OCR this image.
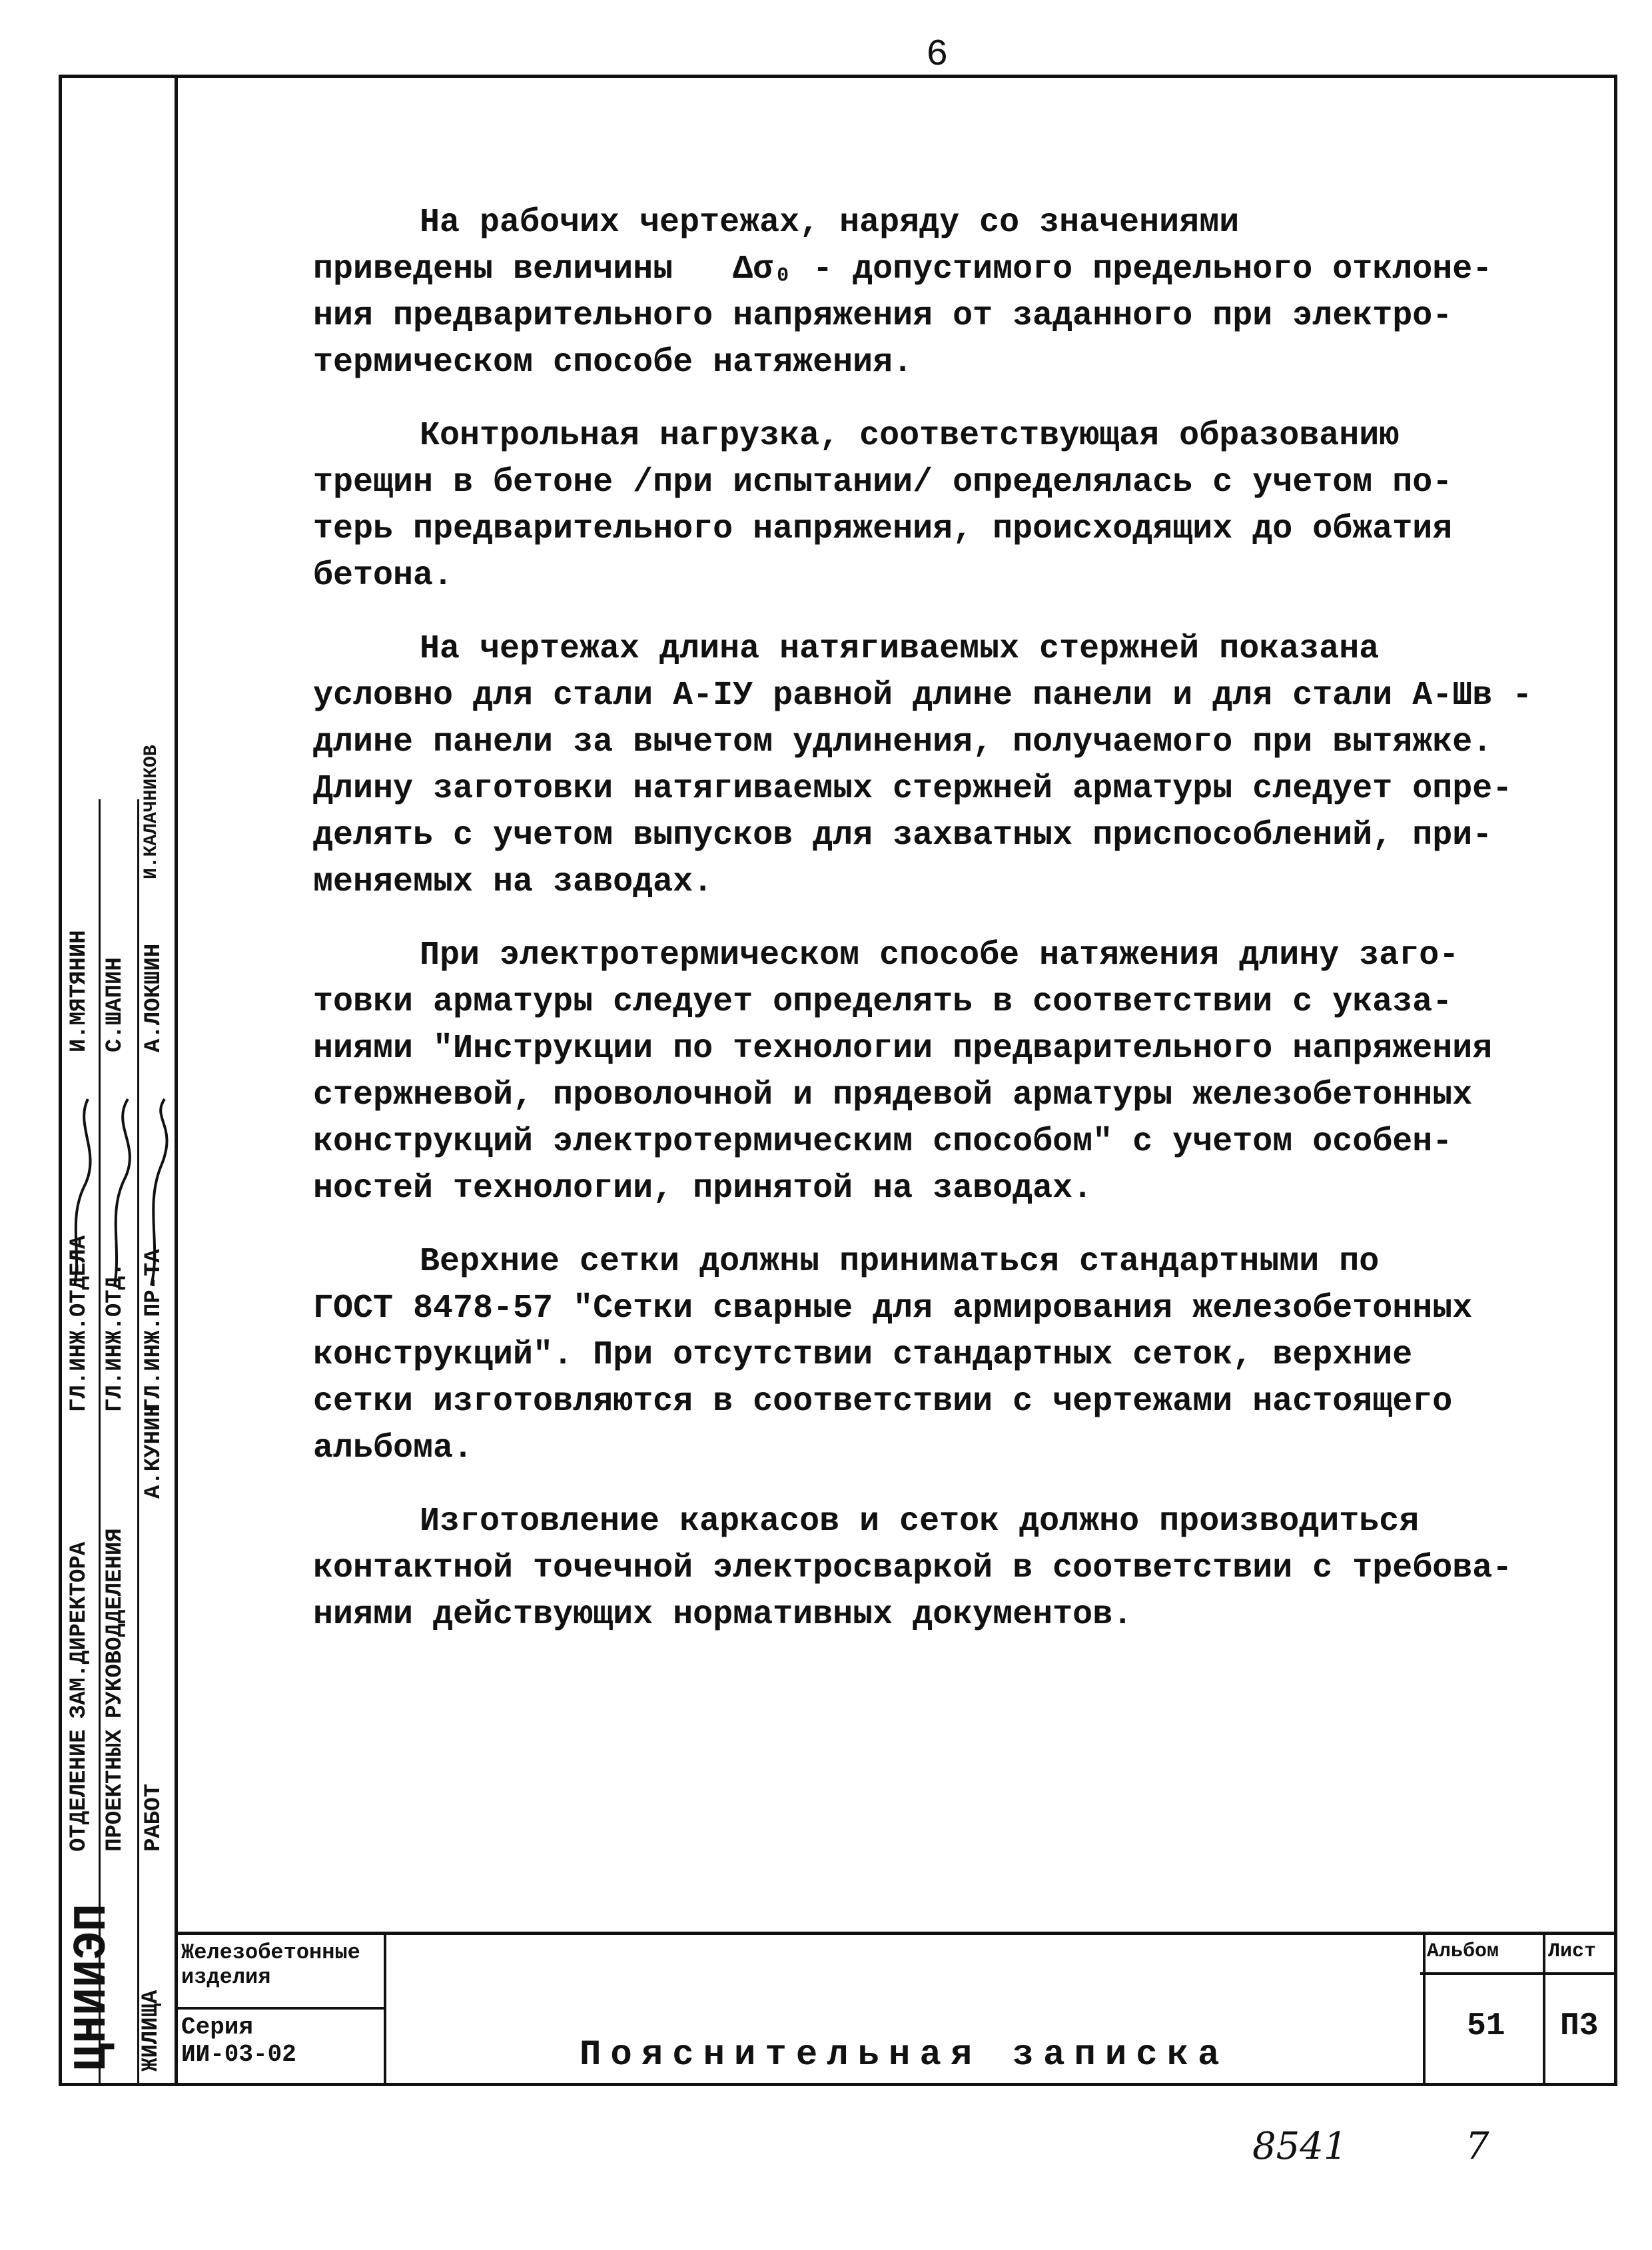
6

На рабочих чертежах, наряду со значениями
приведены величины   Δσ₀ - допустимого предельного отклоне-
ния предварительного напряжения от заданного при электро-
термическом способе натяжения.

Контрольная нагрузка, соответствующая образованию
трещин в бетоне /при испытании/ определялась с учетом по-
терь предварительного напряжения, происходящих до обжатия
бетона.

На чертежах длина натягиваемых стержней показана
условно для стали А-IУ равной длине панели и для стали А-Шв -
длине панели за вычетом удлинения, получаемого при вытяжке.
Длину заготовки натягиваемых стержней арматуры следует опре-
делять с учетом выпусков для захватных приспособлений, при-
меняемых на заводах.

При электротермическом способе натяжения длину заго-
товки арматуры следует определять в соответствии с указа-
ниями "Инструкции по технологии предварительного напряжения
стержневой, проволочной и прядевой арматуры железобетонных
конструкций электротермическим способом" с учетом особен-
ностей технологии, принятой на заводах.

Верхние сетки должны приниматься стандартными по
ГОСТ 8478-57 "Сетки сварные для армирования железобетонных
конструкций". При отсутствии стандартных сеток, верхние
сетки изготовляются в соответствии с чертежами настоящего
альбома.

Изготовление каркасов и сеток должно производиться
контактной точечной электросваркой в соответствии с требова-
ниями действующих нормативных документов.

ЦНИИЭП ЖИЛИЩА
ОТДЕЛЕНИЕ ПРОЕКТНЫХ РАБОТ
ЗАМ.ДИРЕКТОРА РУКОВОДДЕЛЕНИЯ
А.КУНИН
ГЛ.ИНЖ.ОТДЕЛА ГЛ.ИНЖ.ОТД. ГЛ.ИНЖ.ПР-ТА
И.МЯТЯНИН С.ШАПИН А.ЛОКШИН
И.КАЛАЧНИКОВ
Железобетонные
изделия
Серия
ИИ-03-02
Альбом Лист
51 П3
Пояснительная записка
8541	7
